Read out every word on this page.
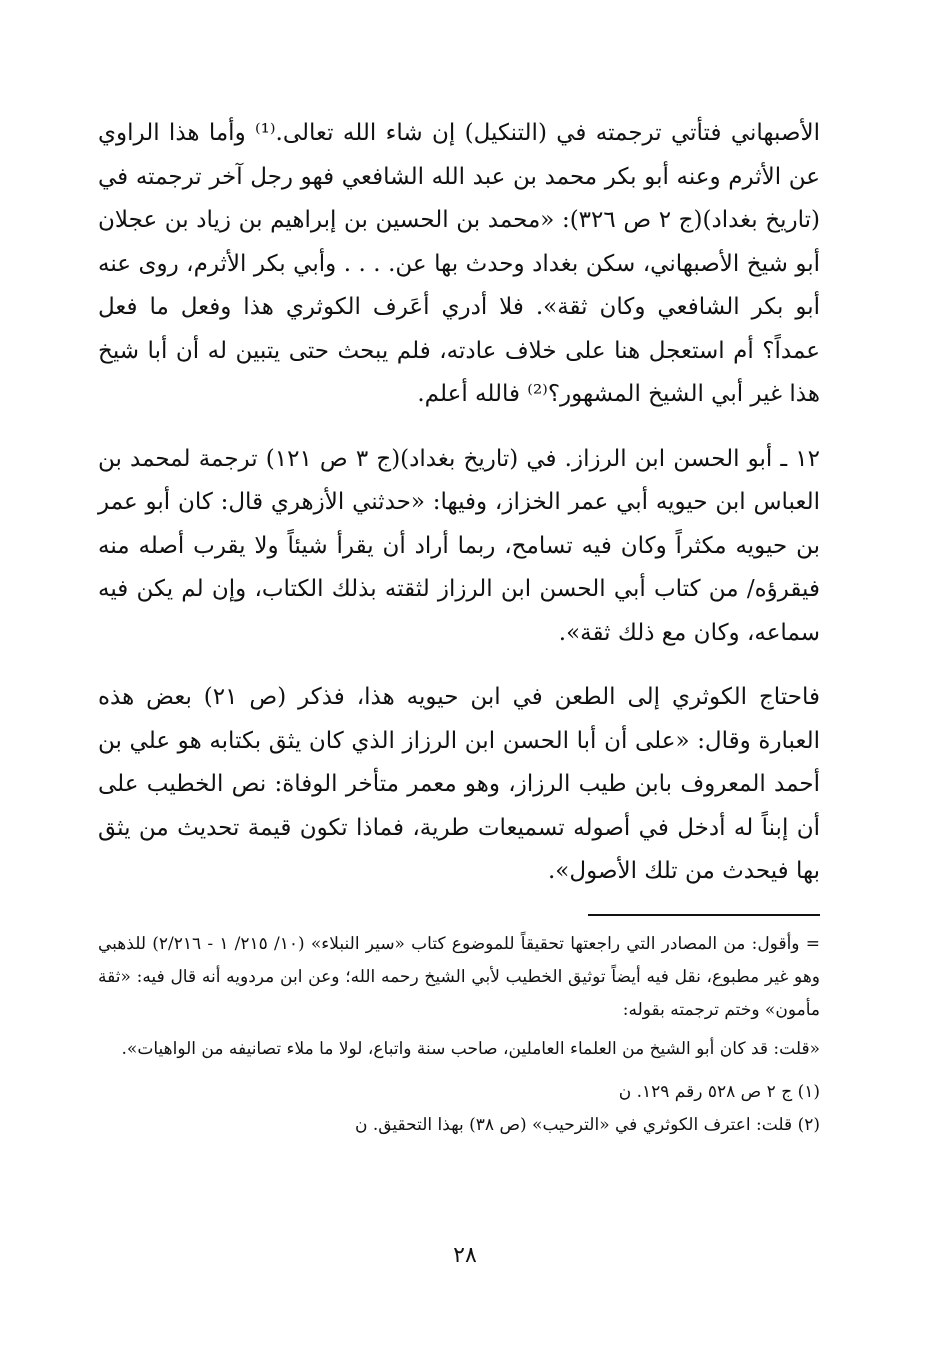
الأصبهاني فتأتي ترجمته في (التنكيل) إن شاء الله تعالى.⁽¹⁾ وأما هذا الراوي عن الأثرم وعنه أبو بكر محمد بن عبد الله الشافعي فهو رجل آخر ترجمته في (تاريخ بغداد)(ج ٢ ص ٣٢٦): «محمد بن الحسين بن إبراهيم بن زياد بن عجلان أبو شيخ الأصبهاني، سكن بغداد وحدث بها عن. . . . وأبي بكر الأثرم، روى عنه أبو بكر الشافعي وكان ثقة». فلا أدري أعَرف الكوثري هذا وفعل ما فعل عمداً؟ أم استعجل هنا على خلاف عادته، فلم يبحث حتى يتبين له أن أبا شيخ هذا غير أبي الشيخ المشهور؟⁽²⁾ فالله أعلم.

١٢ ـ أبو الحسن ابن الرزاز. في (تاريخ بغداد)(ج ٣ ص ١٢١) ترجمة لمحمد بن العباس ابن حيويه أبي عمر الخزاز، وفيها: «حدثني الأزهري قال: كان أبو عمر بن حيويه مكثراً وكان فيه تسامح، ربما أراد أن يقرأ شيئاً ولا يقرب أصله منه فيقرؤه/ من كتاب أبي الحسن ابن الرزاز لثقته بذلك الكتاب، وإن لم يكن فيه سماعه، وكان مع ذلك ثقة».

فاحتاج الكوثري إلى الطعن في ابن حيويه هذا، فذكر (ص ٢١) بعض هذه العبارة وقال: «على أن أبا الحسن ابن الرزاز الذي كان يثق بكتابه هو علي بن أحمد المعروف بابن طيب الرزاز، وهو معمر متأخر الوفاة: نص الخطيب على أن إبناً له أدخل في أصوله تسميعات طرية، فماذا تكون قيمة تحديث من يثق بها فيحدث من تلك الأصول».

= وأقول: من المصادر التي راجعتها تحقيقاً للموضوع كتاب «سير النبلاء» (١٠/ ٢١٥/ ١ - ٢/٢١٦) للذهبي وهو غير مطبوع، نقل فيه أيضاً توثيق الخطيب لأبي الشيخ رحمه الله؛ وعن ابن مردويه أنه قال فيه: «ثقة مأمون» وختم ترجمته بقوله:

«قلت: قد كان أبو الشيخ من العلماء العاملين، صاحب سنة واتباع، لولا ما ملاء تصانيفه من الواهيات».

(١) ج ٢ ص ٥٢٨ رقم ١٢٩. ن

(٢) قلت: اعترف الكوثري في «الترحيب» (ص ٣٨) بهذا التحقيق. ن

٢٨
